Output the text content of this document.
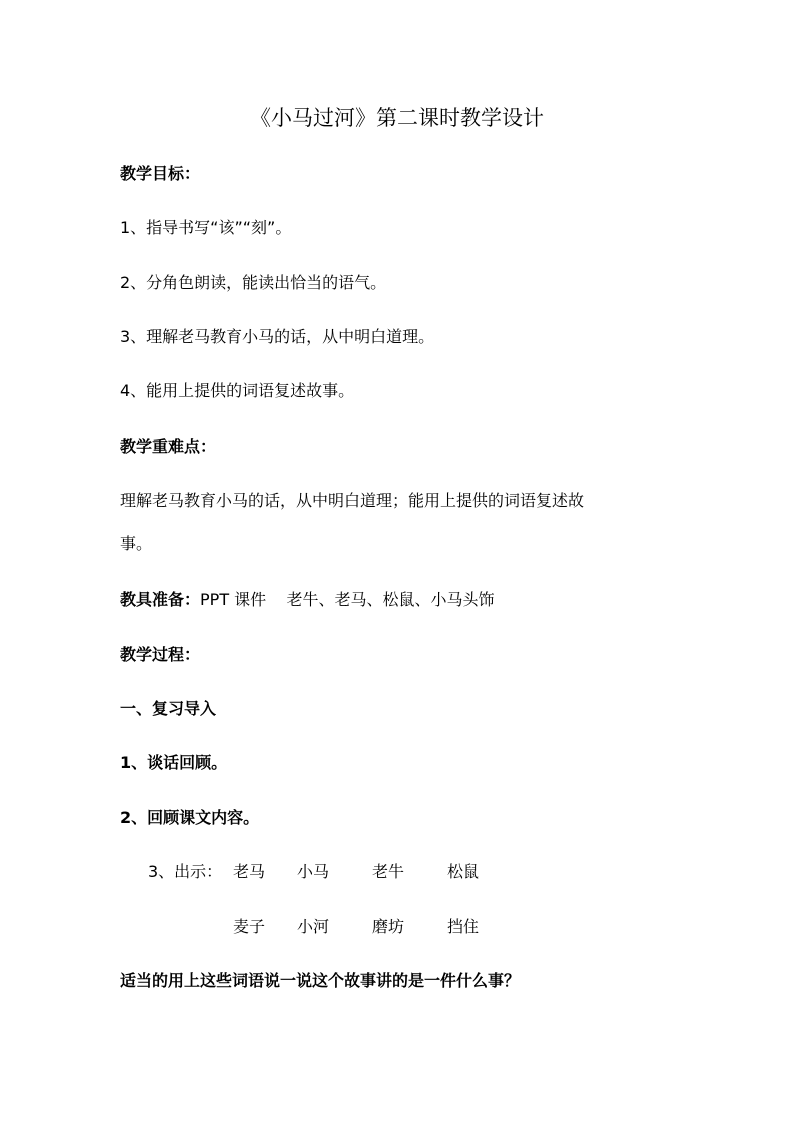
《小马过河》第二课时教学设计
教学目标：
1、指导书写“该”“刻”。
2、分角色朗读，能读出恰当的语气。
3、理解老马教育小马的话，从中明白道理。
4、能用上提供的词语复述故事。
教学重难点：
理解老马教育小马的话，从中明白道理；能用上提供的词语复述故
事。
教具准备：PPT 课件    老牛、老马、松鼠、小马头饰
教学过程：
一、复习导入
1、谈话回顾。
2、回顾课文内容。
3、出示： 老马 小马	老牛	松鼠
麦子 小河	磨坊	挡住
适当的用上这些词语说一说这个故事讲的是一件什么事？
